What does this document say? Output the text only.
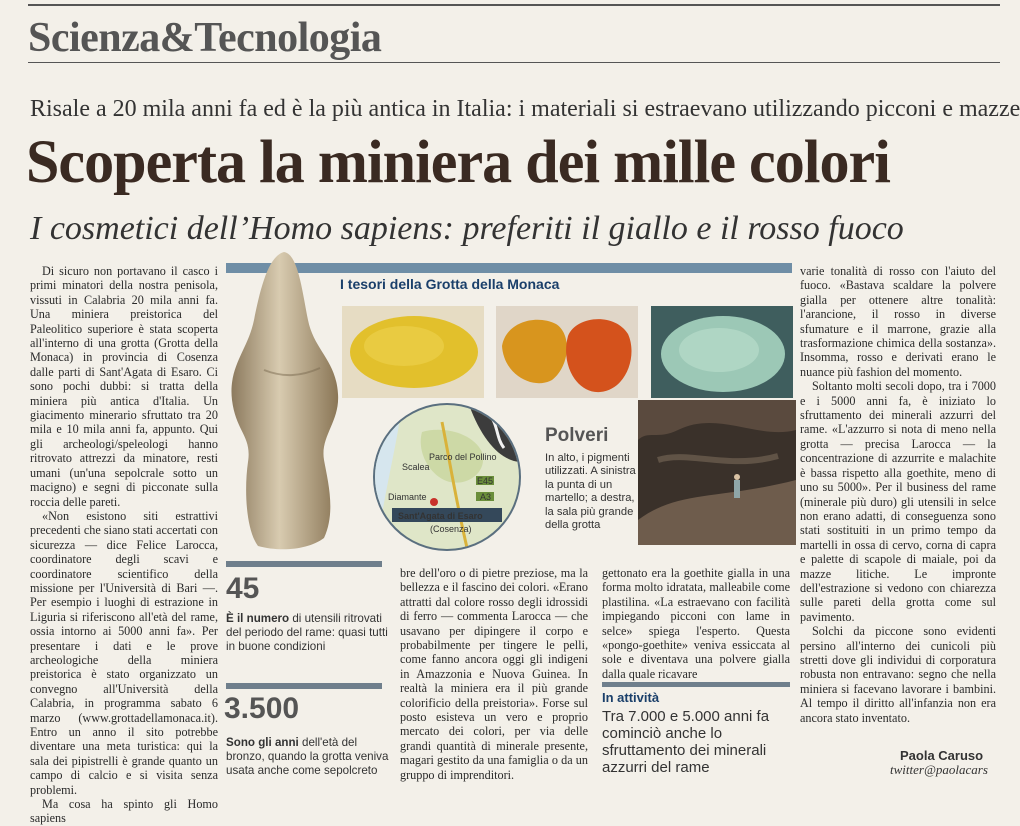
Scienza&Tecnologia
Risale a 20 mila anni fa ed è la più antica in Italia: i materiali si estraevano utilizzando picconi e mazze
Scoperta la miniera dei mille colori
I cosmetici dell’Homo sapiens: preferiti il giallo e il rosso fuoco

Di sicuro non portavano il casco i primi minatori della nostra penisola, vissuti in Calabria 20 mila anni fa. Una miniera preistorica del Paleolitico superiore è stata scoperta all'interno di una grotta (Grotta della Monaca) in provincia di Cosenza dalle parti di Sant'Agata di Esaro. Ci sono pochi dubbi: si tratta della miniera più antica d'Italia. Un giacimento minerario sfruttato tra 20 mila e 10 mila anni fa, appunto. Qui gli archeologi/speleologi hanno ritrovato attrezzi da minatore, resti umani (un'una sepolcrale sotto un macigno) e segni di picconate sulla roccia delle pareti.

«Non esistono siti estrattivi precedenti che siano stati accertati con sicurezza — dice Felice Larocca, coordinatore degli scavi e coordinatore scientifico della missione per l'Università di Bari —. Per esempio i luoghi di estrazione in Liguria si riferiscono all'età del rame, ossia intorno ai 5000 anni fa». Per presentare i dati e le prove archeologiche della miniera preistorica è stato organizzato un convegno all'Università della Calabria, in programma sabato 6 marzo (www.grottadellamonaca.it). Entro un anno il sito potrebbe diventare una meta turistica: qui la sala dei pipistrelli è grande quanto un campo di calcio e si visita senza problemi.

Ma cosa ha spinto gli Homo sapiens

I tesori della Grotta della Monaca
Parco del Pollino
Scalea
Diamante
E45
A3
Sant'Agata di Esaro
(Cosenza)
Polveri
In alto, i pigmenti utilizzati. A sinistra la punta di un martello; a destra, la sala più grande della grotta
45
È il numero di utensili ritrovati del periodo del rame: quasi tutti in buone condizioni
3.500
Sono gli anni dell'età del bronzo, quando la grotta veniva usata anche come sepolcreto

bre dell'oro o di pietre preziose, ma la bellezza e il fascino dei colori. «Erano attratti dal colore rosso degli idrossidi di ferro — commenta Larocca — che usavano per dipingere il corpo e probabilmente per tingere le pelli, come fanno ancora oggi gli indigeni in Amazzonia e Nuova Guinea. In realtà la miniera era il più grande colorificio della preistoria». Forse sul posto esisteva un vero e proprio mercato dei colori, per via delle grandi quantità di minerale presente, magari gestito da una famiglia o da un gruppo di imprenditori.

gettonato era la goethite gialla in una forma molto idratata, malleabile come plastilina. «La estraevano con facilità impiegando picconi con lame in selce» spiega l'esperto. Questa «pongo-goethite» veniva essiccata al sole e diventava una polvere gialla dalla quale ricavare

In attività
Tra 7.000 e 5.000 anni fa cominciò anche lo sfruttamento dei minerali azzurri del rame

varie tonalità di rosso con l'aiuto del fuoco. «Bastava scaldare la polvere gialla per ottenere altre tonalità: l'arancione, il rosso in diverse sfumature e il marrone, grazie alla trasformazione chimica della sostanza». Insomma, rosso e derivati erano le nuance più fashion del momento.

Soltanto molti secoli dopo, tra i 7000 e i 5000 anni fa, è iniziato lo sfruttamento dei minerali azzurri del rame. «L'azzurro si nota di meno nella grotta — precisa Larocca — la concentrazione di azzurrite e malachite è bassa rispetto alla goethite, meno di uno su 5000». Per il business del rame (minerale più duro) gli utensili in selce non erano adatti, di conseguenza sono stati sostituiti in un primo tempo da martelli in ossa di cervo, corna di capra e palette di scapole di maiale, poi da mazze litiche. Le impronte dell'estrazione si vedono con chiarezza sulle pareti della grotta come sul pavimento.

Solchi da piccone sono evidenti persino all'interno dei cunicoli più stretti dove gli individui di corporatura robusta non entravano: segno che nella miniera si facevano lavorare i bambini. Al tempo il diritto all'infanzia non era ancora stato inventato.

Paola Caruso
twitter@paolacars
